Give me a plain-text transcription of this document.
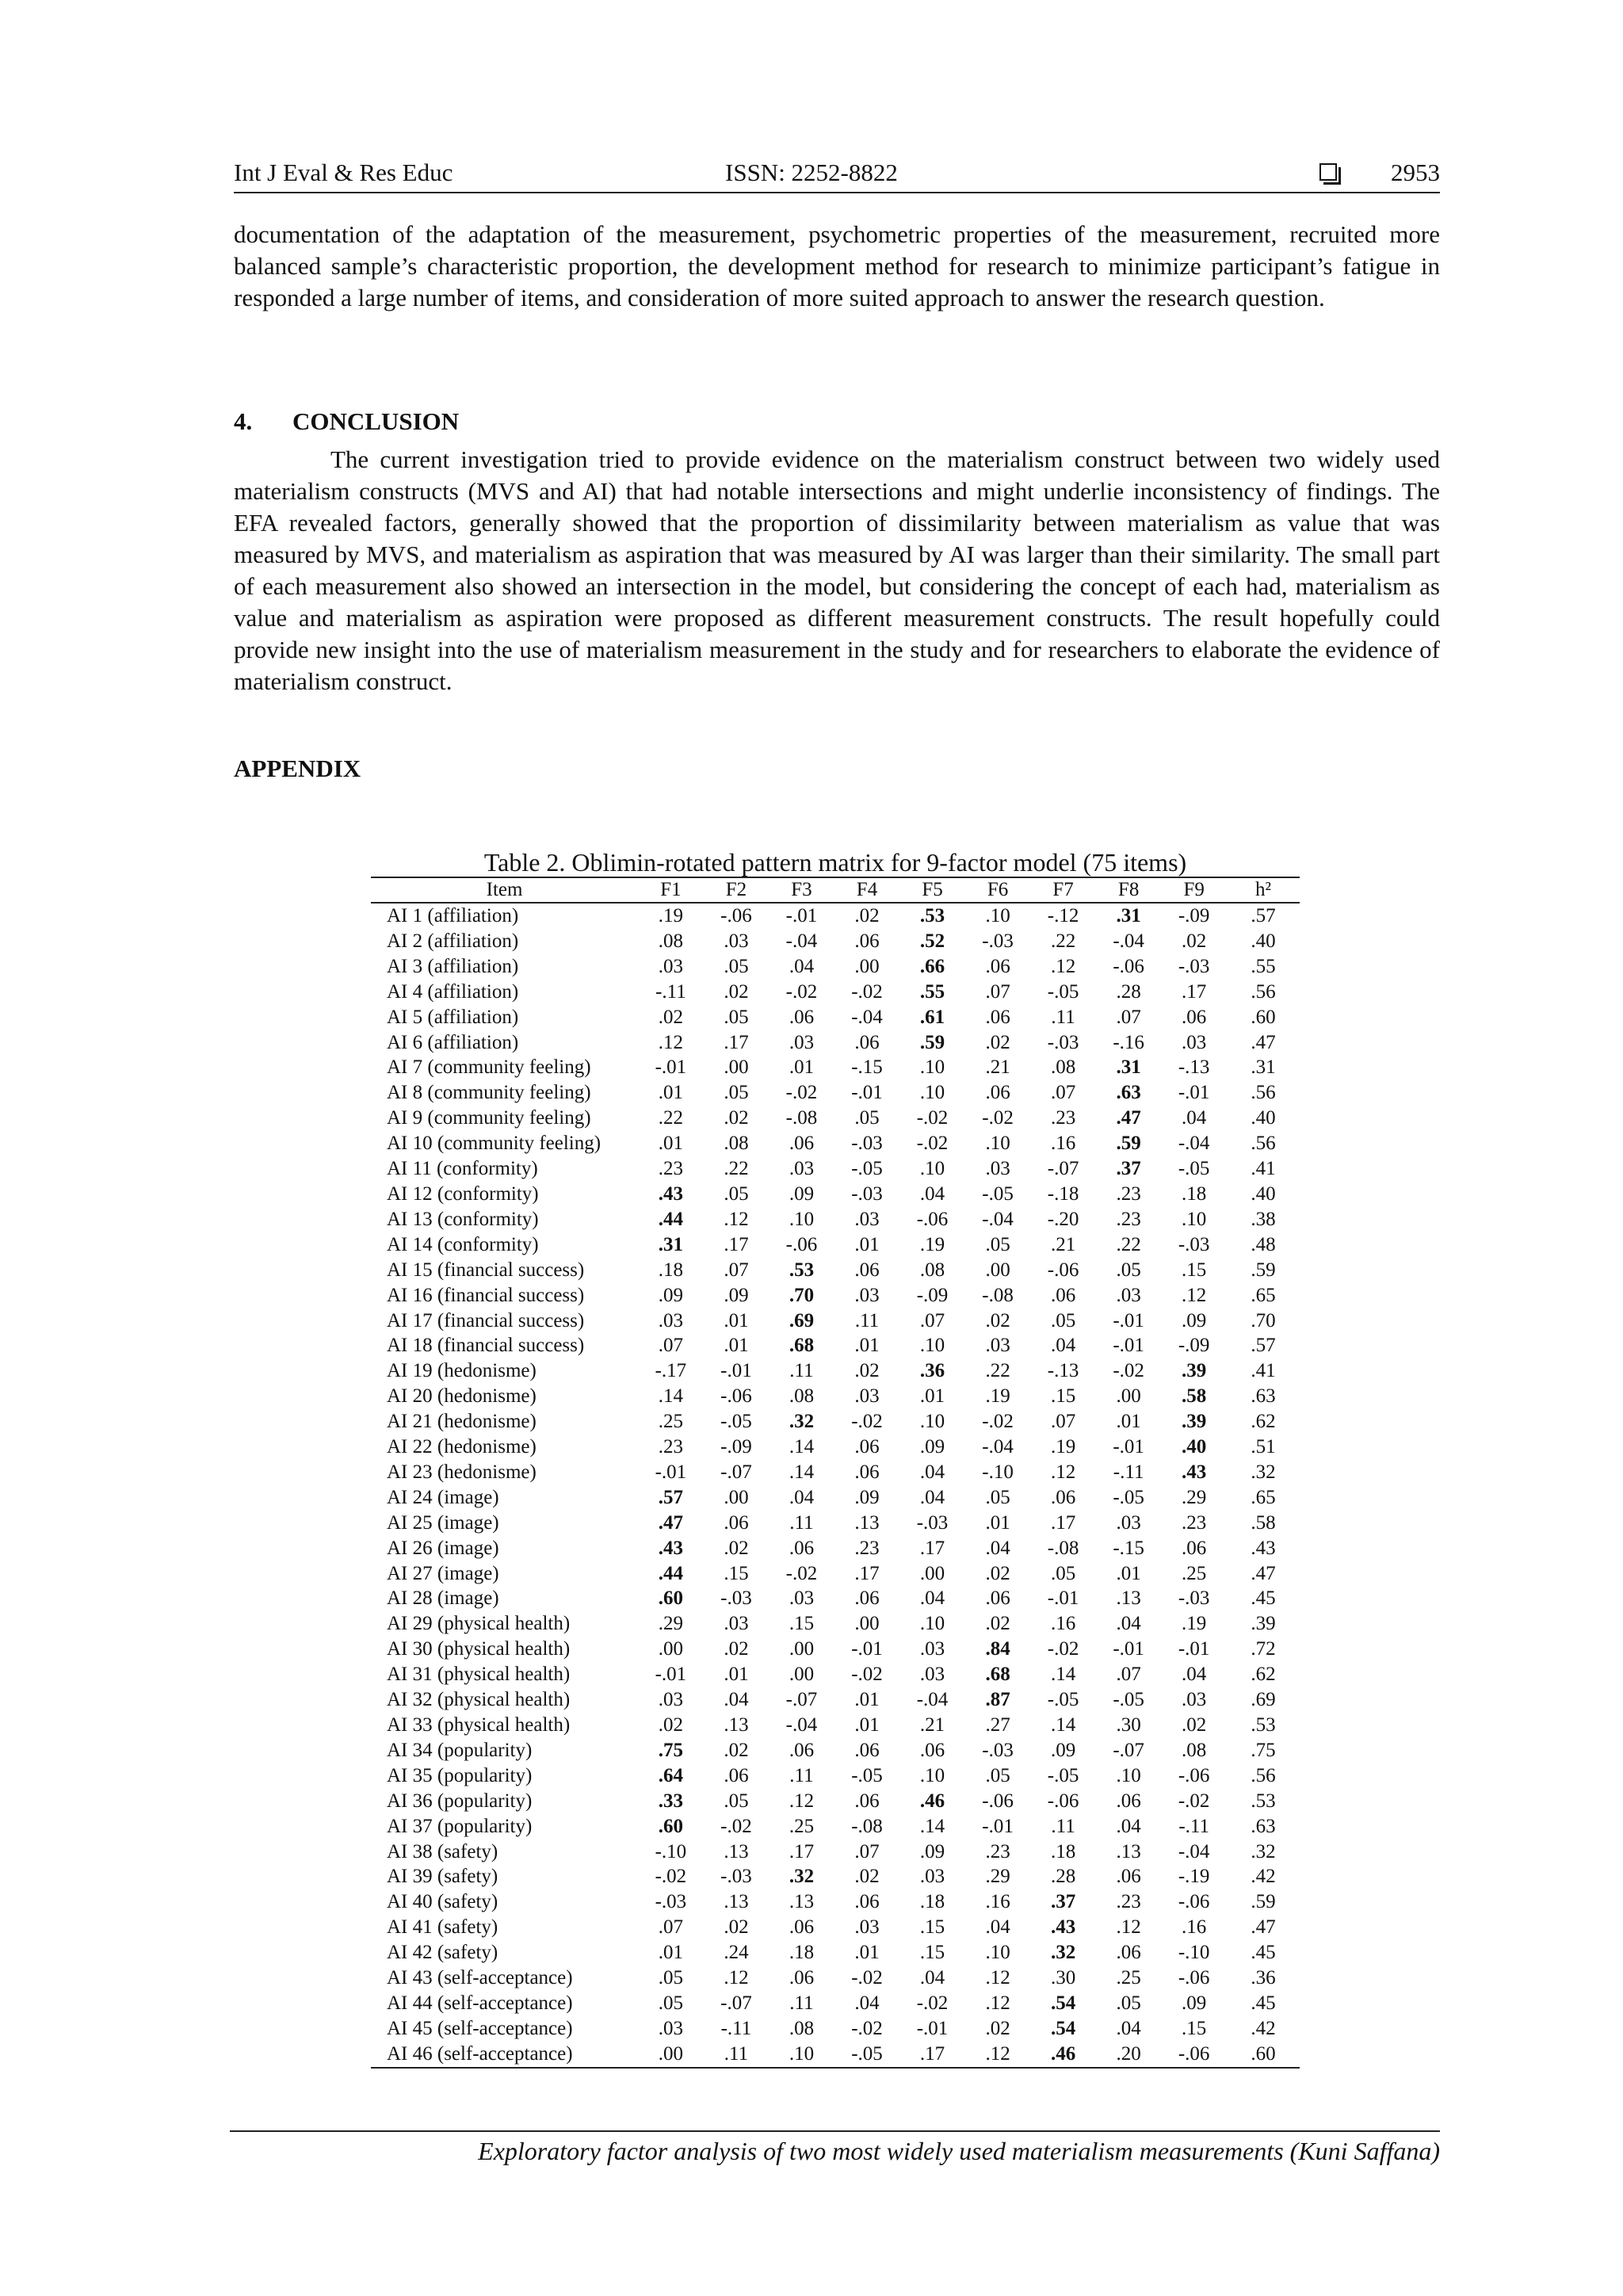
Int J Eval & Res Educ	ISSN: 2252-8822	2953

documentation of the adaptation of the measurement, psychometric properties of the measurement, recruited more balanced sample’s characteristic proportion, the development method for research to minimize participant’s fatigue in responded a large number of items, and consideration of more suited approach to answer the research question.

4. CONCLUSION

The current investigation tried to provide evidence on the materialism construct between two widely used materialism constructs (MVS and AI) that had notable intersections and might underlie inconsistency of findings. The EFA revealed factors, generally showed that the proportion of dissimilarity between materialism as value that was measured by MVS, and materialism as aspiration that was measured by AI was larger than their similarity. The small part of each measurement also showed an intersection in the model, but considering the concept of each had, materialism as value and materialism as aspiration were proposed as different measurement constructs. The result hopefully could provide new insight into the use of materialism measurement in the study and for researchers to elaborate the evidence of materialism construct.

APPENDIX

Table 2. Oblimin-rotated pattern matrix for 9-factor model (75 items)

Item	F1	F2	F3	F4	F5	F6	F7	F8	F9	h²
AI 1 (affiliation)	.19	-.06	-.01	.02	.53	.10	-.12	.31	-.09	.57
AI 2 (affiliation)	.08	.03	-.04	.06	.52	-.03	.22	-.04	.02	.40
AI 3 (affiliation)	.03	.05	.04	.00	.66	.06	.12	-.06	-.03	.55
AI 4 (affiliation)	-.11	.02	-.02	-.02	.55	.07	-.05	.28	.17	.56
AI 5 (affiliation)	.02	.05	.06	-.04	.61	.06	.11	.07	.06	.60
AI 6 (affiliation)	.12	.17	.03	.06	.59	.02	-.03	-.16	.03	.47
AI 7 (community feeling)	-.01	.00	.01	-.15	.10	.21	.08	.31	-.13	.31
AI 8 (community feeling)	.01	.05	-.02	-.01	.10	.06	.07	.63	-.01	.56
AI 9 (community feeling)	.22	.02	-.08	.05	-.02	-.02	.23	.47	.04	.40
AI 10 (community feeling)	.01	.08	.06	-.03	-.02	.10	.16	.59	-.04	.56
AI 11 (conformity)	.23	.22	.03	-.05	.10	.03	-.07	.37	-.05	.41
AI 12 (conformity)	.43	.05	.09	-.03	.04	-.05	-.18	.23	.18	.40
AI 13 (conformity)	.44	.12	.10	.03	-.06	-.04	-.20	.23	.10	.38
AI 14 (conformity)	.31	.17	-.06	.01	.19	.05	.21	.22	-.03	.48
AI 15 (financial success)	.18	.07	.53	.06	.08	.00	-.06	.05	.15	.59
AI 16 (financial success)	.09	.09	.70	.03	-.09	-.08	.06	.03	.12	.65
AI 17 (financial success)	.03	.01	.69	.11	.07	.02	.05	-.01	.09	.70
AI 18 (financial success)	.07	.01	.68	.01	.10	.03	.04	-.01	-.09	.57
AI 19 (hedonisme)	-.17	-.01	.11	.02	.36	.22	-.13	-.02	.39	.41
AI 20 (hedonisme)	.14	-.06	.08	.03	.01	.19	.15	.00	.58	.63
AI 21 (hedonisme)	.25	-.05	.32	-.02	.10	-.02	.07	.01	.39	.62
AI 22 (hedonisme)	.23	-.09	.14	.06	.09	-.04	.19	-.01	.40	.51
AI 23 (hedonisme)	-.01	-.07	.14	.06	.04	-.10	.12	-.11	.43	.32
AI 24 (image)	.57	.00	.04	.09	.04	.05	.06	-.05	.29	.65
AI 25 (image)	.47	.06	.11	.13	-.03	.01	.17	.03	.23	.58
AI 26 (image)	.43	.02	.06	.23	.17	.04	-.08	-.15	.06	.43
AI 27 (image)	.44	.15	-.02	.17	.00	.02	.05	.01	.25	.47
AI 28 (image)	.60	-.03	.03	.06	.04	.06	-.01	.13	-.03	.45
AI 29 (physical health)	.29	.03	.15	.00	.10	.02	.16	.04	.19	.39
AI 30 (physical health)	.00	.02	.00	-.01	.03	.84	-.02	-.01	-.01	.72
AI 31 (physical health)	-.01	.01	.00	-.02	.03	.68	.14	.07	.04	.62
AI 32 (physical health)	.03	.04	-.07	.01	-.04	.87	-.05	-.05	.03	.69
AI 33 (physical health)	.02	.13	-.04	.01	.21	.27	.14	.30	.02	.53
AI 34 (popularity)	.75	.02	.06	.06	.06	-.03	.09	-.07	.08	.75
AI 35 (popularity)	.64	.06	.11	-.05	.10	.05	-.05	.10	-.06	.56
AI 36 (popularity)	.33	.05	.12	.06	.46	-.06	-.06	.06	-.02	.53
AI 37 (popularity)	.60	-.02	.25	-.08	.14	-.01	.11	.04	-.11	.63
AI 38 (safety)	-.10	.13	.17	.07	.09	.23	.18	.13	-.04	.32
AI 39 (safety)	-.02	-.03	.32	.02	.03	.29	.28	.06	-.19	.42
AI 40 (safety)	-.03	.13	.13	.06	.18	.16	.37	.23	-.06	.59
AI 41 (safety)	.07	.02	.06	.03	.15	.04	.43	.12	.16	.47
AI 42 (safety)	.01	.24	.18	.01	.15	.10	.32	.06	-.10	.45
AI 43 (self-acceptance)	.05	.12	.06	-.02	.04	.12	.30	.25	-.06	.36
AI 44 (self-acceptance)	.05	-.07	.11	.04	-.02	.12	.54	.05	.09	.45
AI 45 (self-acceptance)	.03	-.11	.08	-.02	-.01	.02	.54	.04	.15	.42
AI 46 (self-acceptance)	.00	.11	.10	-.05	.17	.12	.46	.20	-.06	.60
Exploratory factor analysis of two most widely used materialism measurements (Kuni Saffana)
